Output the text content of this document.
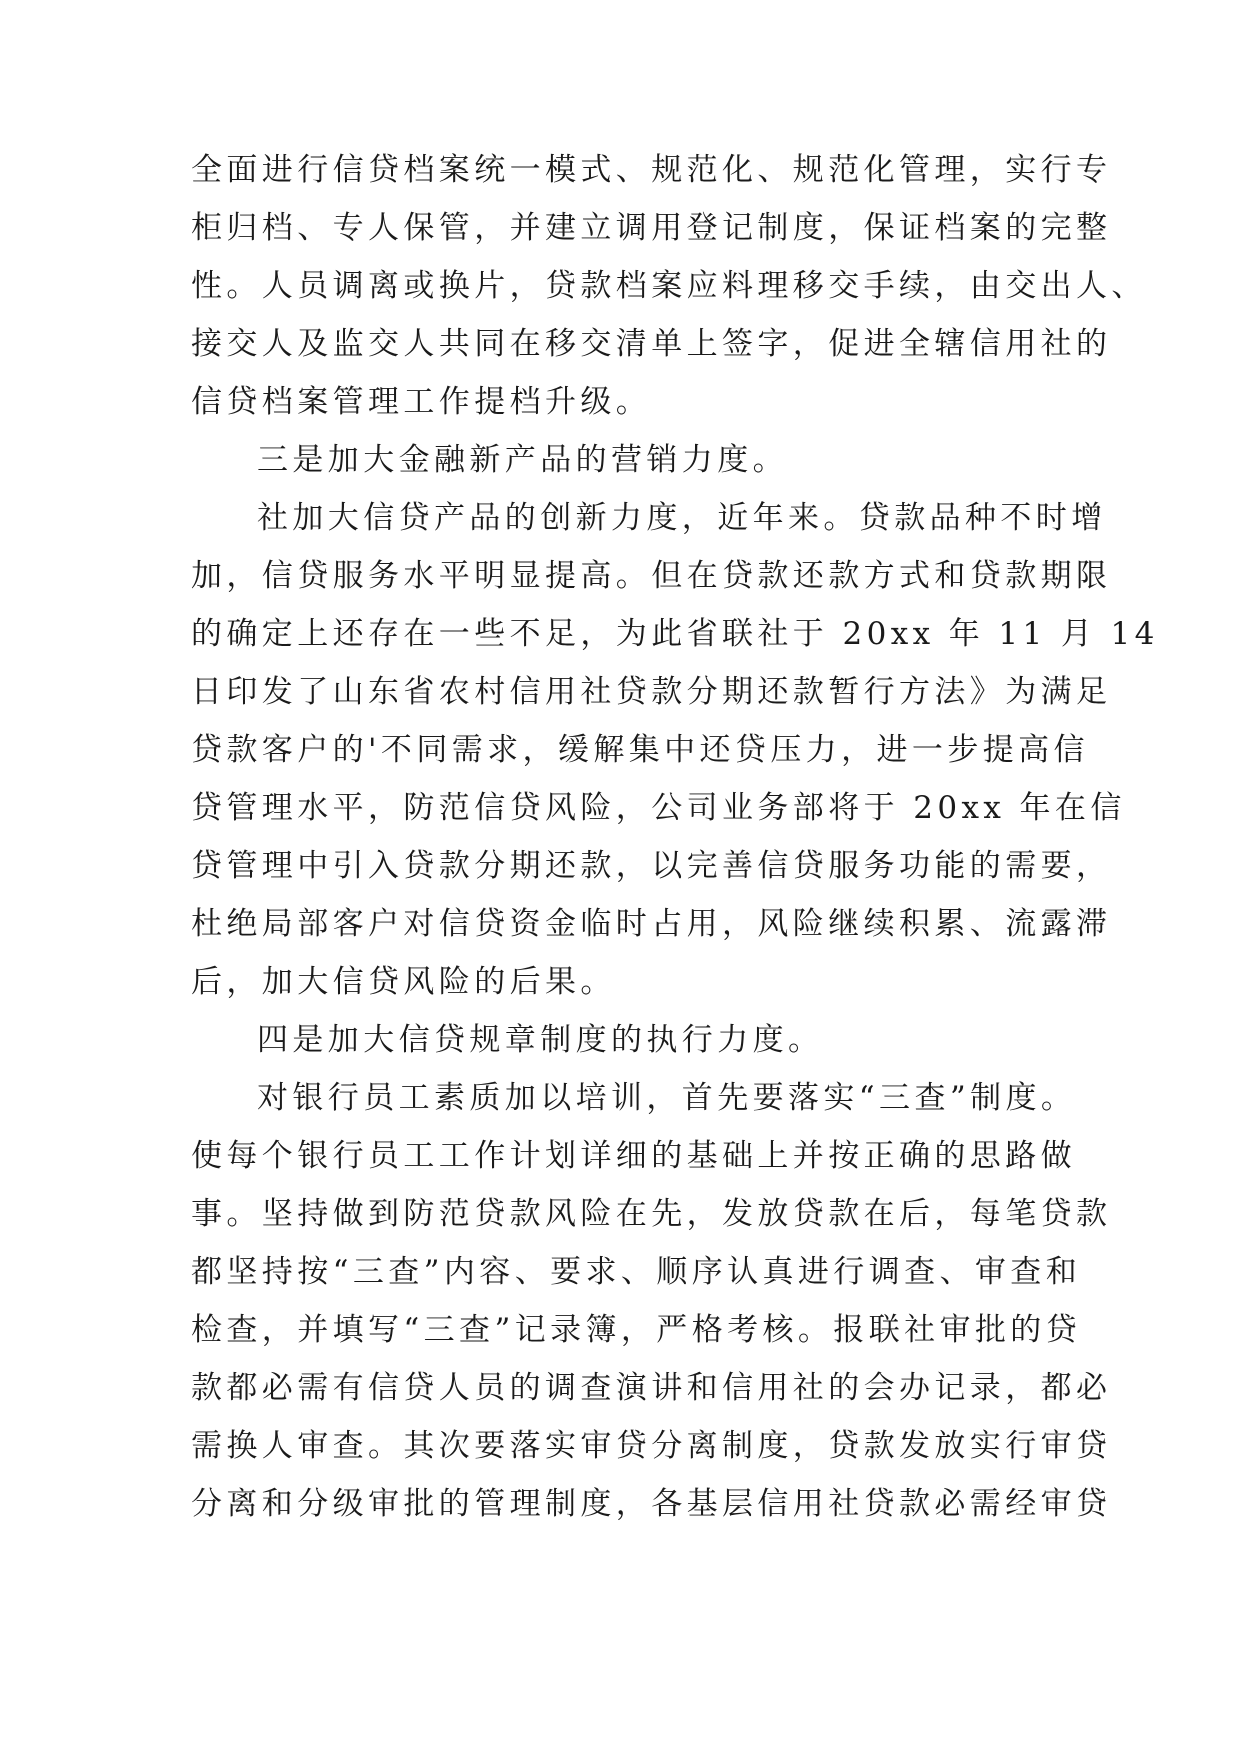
全面进行信贷档案统一模式、规范化、规范化管理，实行专
柜归档、专人保管，并建立调用登记制度，保证档案的完整
性。人员调离或换片，贷款档案应料理移交手续，由交出人、
接交人及监交人共同在移交清单上签字，促进全辖信用社的
信贷档案管理工作提档升级。
三是加大金融新产品的营销力度。
社加大信贷产品的创新力度，近年来。贷款品种不时增
加，信贷服务水平明显提高。但在贷款还款方式和贷款期限
的确定上还存在一些不足，为此省联社于 20xx 年 11 月 14
日印发了山东省农村信用社贷款分期还款暂行方法》为满足
贷款客户的'不同需求，缓解集中还贷压力，进一步提高信
贷管理水平，防范信贷风险，公司业务部将于 20xx 年在信
贷管理中引入贷款分期还款，以完善信贷服务功能的需要，
杜绝局部客户对信贷资金临时占用，风险继续积累、流露滞
后，加大信贷风险的后果。
四是加大信贷规章制度的执行力度。
对银行员工素质加以培训，首先要落实“三查”制度。
使每个银行员工工作计划详细的基础上并按正确的思路做
事。坚持做到防范贷款风险在先，发放贷款在后，每笔贷款
都坚持按“三查”内容、要求、顺序认真进行调查、审查和
检查，并填写“三查”记录簿，严格考核。报联社审批的贷
款都必需有信贷人员的调查演讲和信用社的会办记录，都必
需换人审查。其次要落实审贷分离制度，贷款发放实行审贷
分离和分级审批的管理制度，各基层信用社贷款必需经审贷
